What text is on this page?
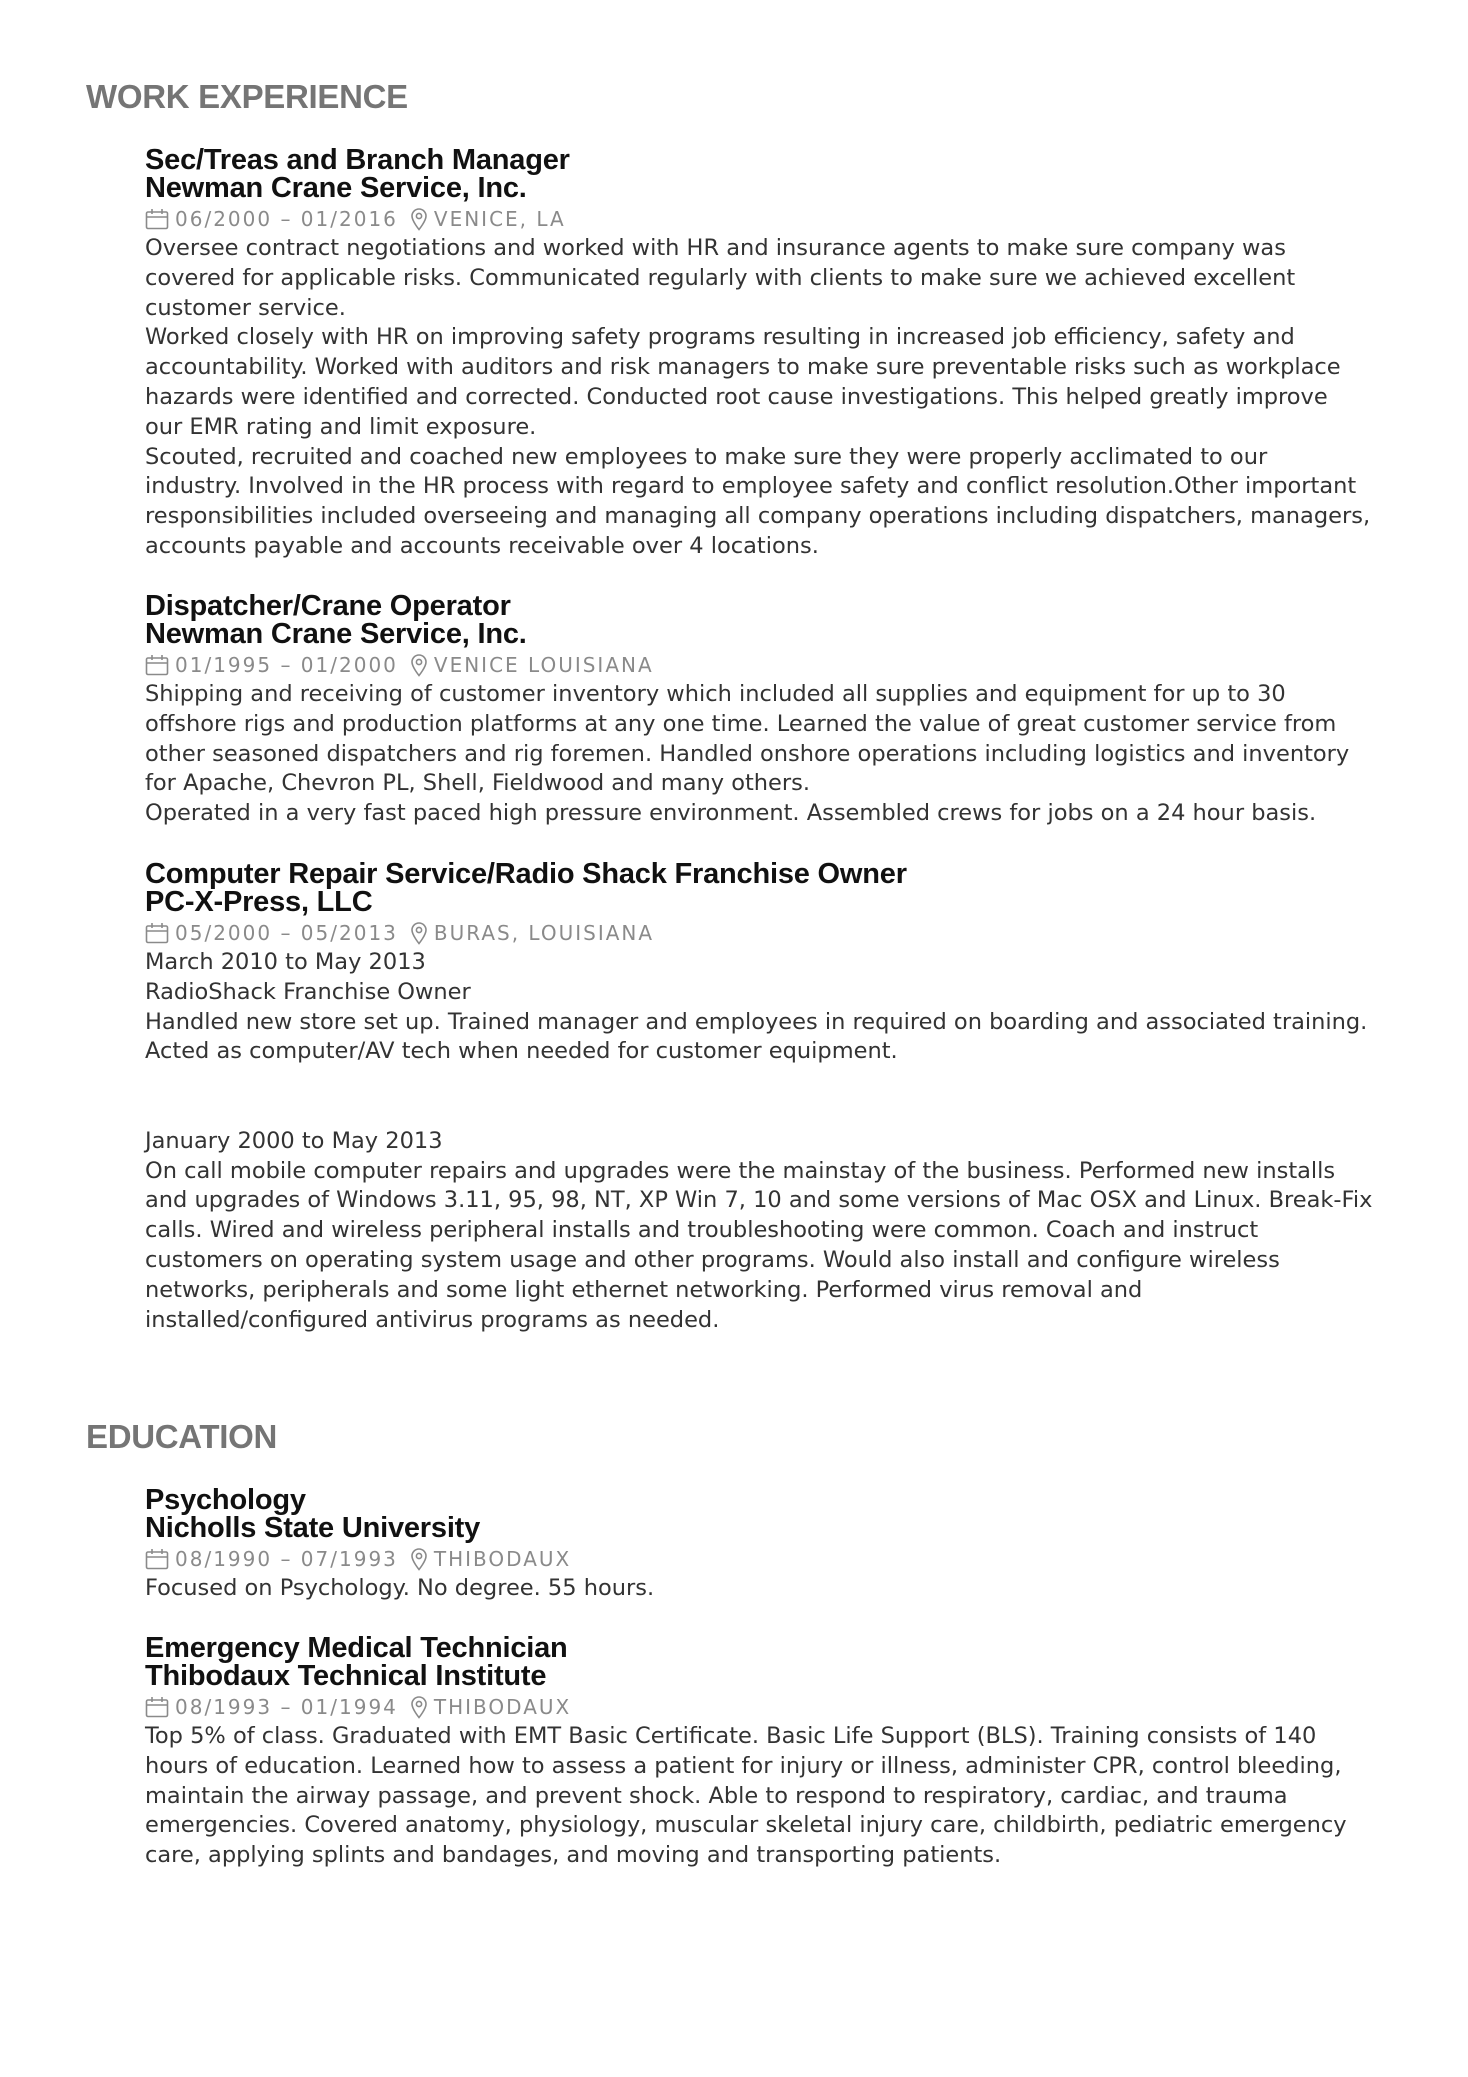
WORK EXPERIENCE
Sec/Treas and Branch Manager
Newman Crane Service, Inc.
06/2000 – 01/2016 VENICE, LA

Oversee contract negotiations and worked with HR and insurance agents to make sure company was
covered for applicable risks. Communicated regularly with clients to make sure we achieved excellent
customer service.
Worked closely with HR on improving safety programs resulting in increased job efficiency, safety and
accountability. Worked with auditors and risk managers to make sure preventable risks such as workplace
hazards were identified and corrected. Conducted root cause investigations. This helped greatly improve
our EMR rating and limit exposure.
Scouted, recruited and coached new employees to make sure they were properly acclimated to our
industry. Involved in the HR process with regard to employee safety and conflict resolution.Other important
responsibilities included overseeing and managing all company operations including dispatchers, managers,
accounts payable and accounts receivable over 4 locations.

Dispatcher/Crane Operator
Newman Crane Service, Inc.
01/1995 – 01/2000 VENICE LOUISIANA

Shipping and receiving of customer inventory which included all supplies and equipment for up to 30
offshore rigs and production platforms at any one time. Learned the value of great customer service from
other seasoned dispatchers and rig foremen. Handled onshore operations including logistics and inventory
for Apache, Chevron PL, Shell, Fieldwood and many others.
Operated in a very fast paced high pressure environment. Assembled crews for jobs on a 24 hour basis.

Computer Repair Service/Radio Shack Franchise Owner
PC-X-Press, LLC
05/2000 – 05/2013 BURAS, LOUISIANA

March 2010 to May 2013
RadioShack Franchise Owner
Handled new store set up. Trained manager and employees in required on boarding and associated training.
Acted as computer/AV tech when needed for customer equipment.

January 2000 to May 2013
On call mobile computer repairs and upgrades were the mainstay of the business. Performed new installs
and upgrades of Windows 3.11, 95, 98, NT, XP Win 7, 10 and some versions of Mac OSX and Linux. Break-Fix
calls. Wired and wireless peripheral installs and troubleshooting were common. Coach and instruct
customers on operating system usage and other programs. Would also install and configure wireless
networks, peripherals and some light ethernet networking. Performed virus removal and
installed/configured antivirus programs as needed.

EDUCATION
Psychology
Nicholls State University
08/1990 – 07/1993 THIBODAUX

Focused on Psychology. No degree. 55 hours.

Emergency Medical Technician
Thibodaux Technical Institute
08/1993 – 01/1994 THIBODAUX

Top 5% of class. Graduated with EMT Basic Certificate. Basic Life Support (BLS). Training consists of 140
hours of education. Learned how to assess a patient for injury or illness, administer CPR, control bleeding,
maintain the airway passage, and prevent shock. Able to respond to respiratory, cardiac, and trauma
emergencies. Covered anatomy, physiology, muscular skeletal injury care, childbirth, pediatric emergency
care, applying splints and bandages, and moving and transporting patients.
